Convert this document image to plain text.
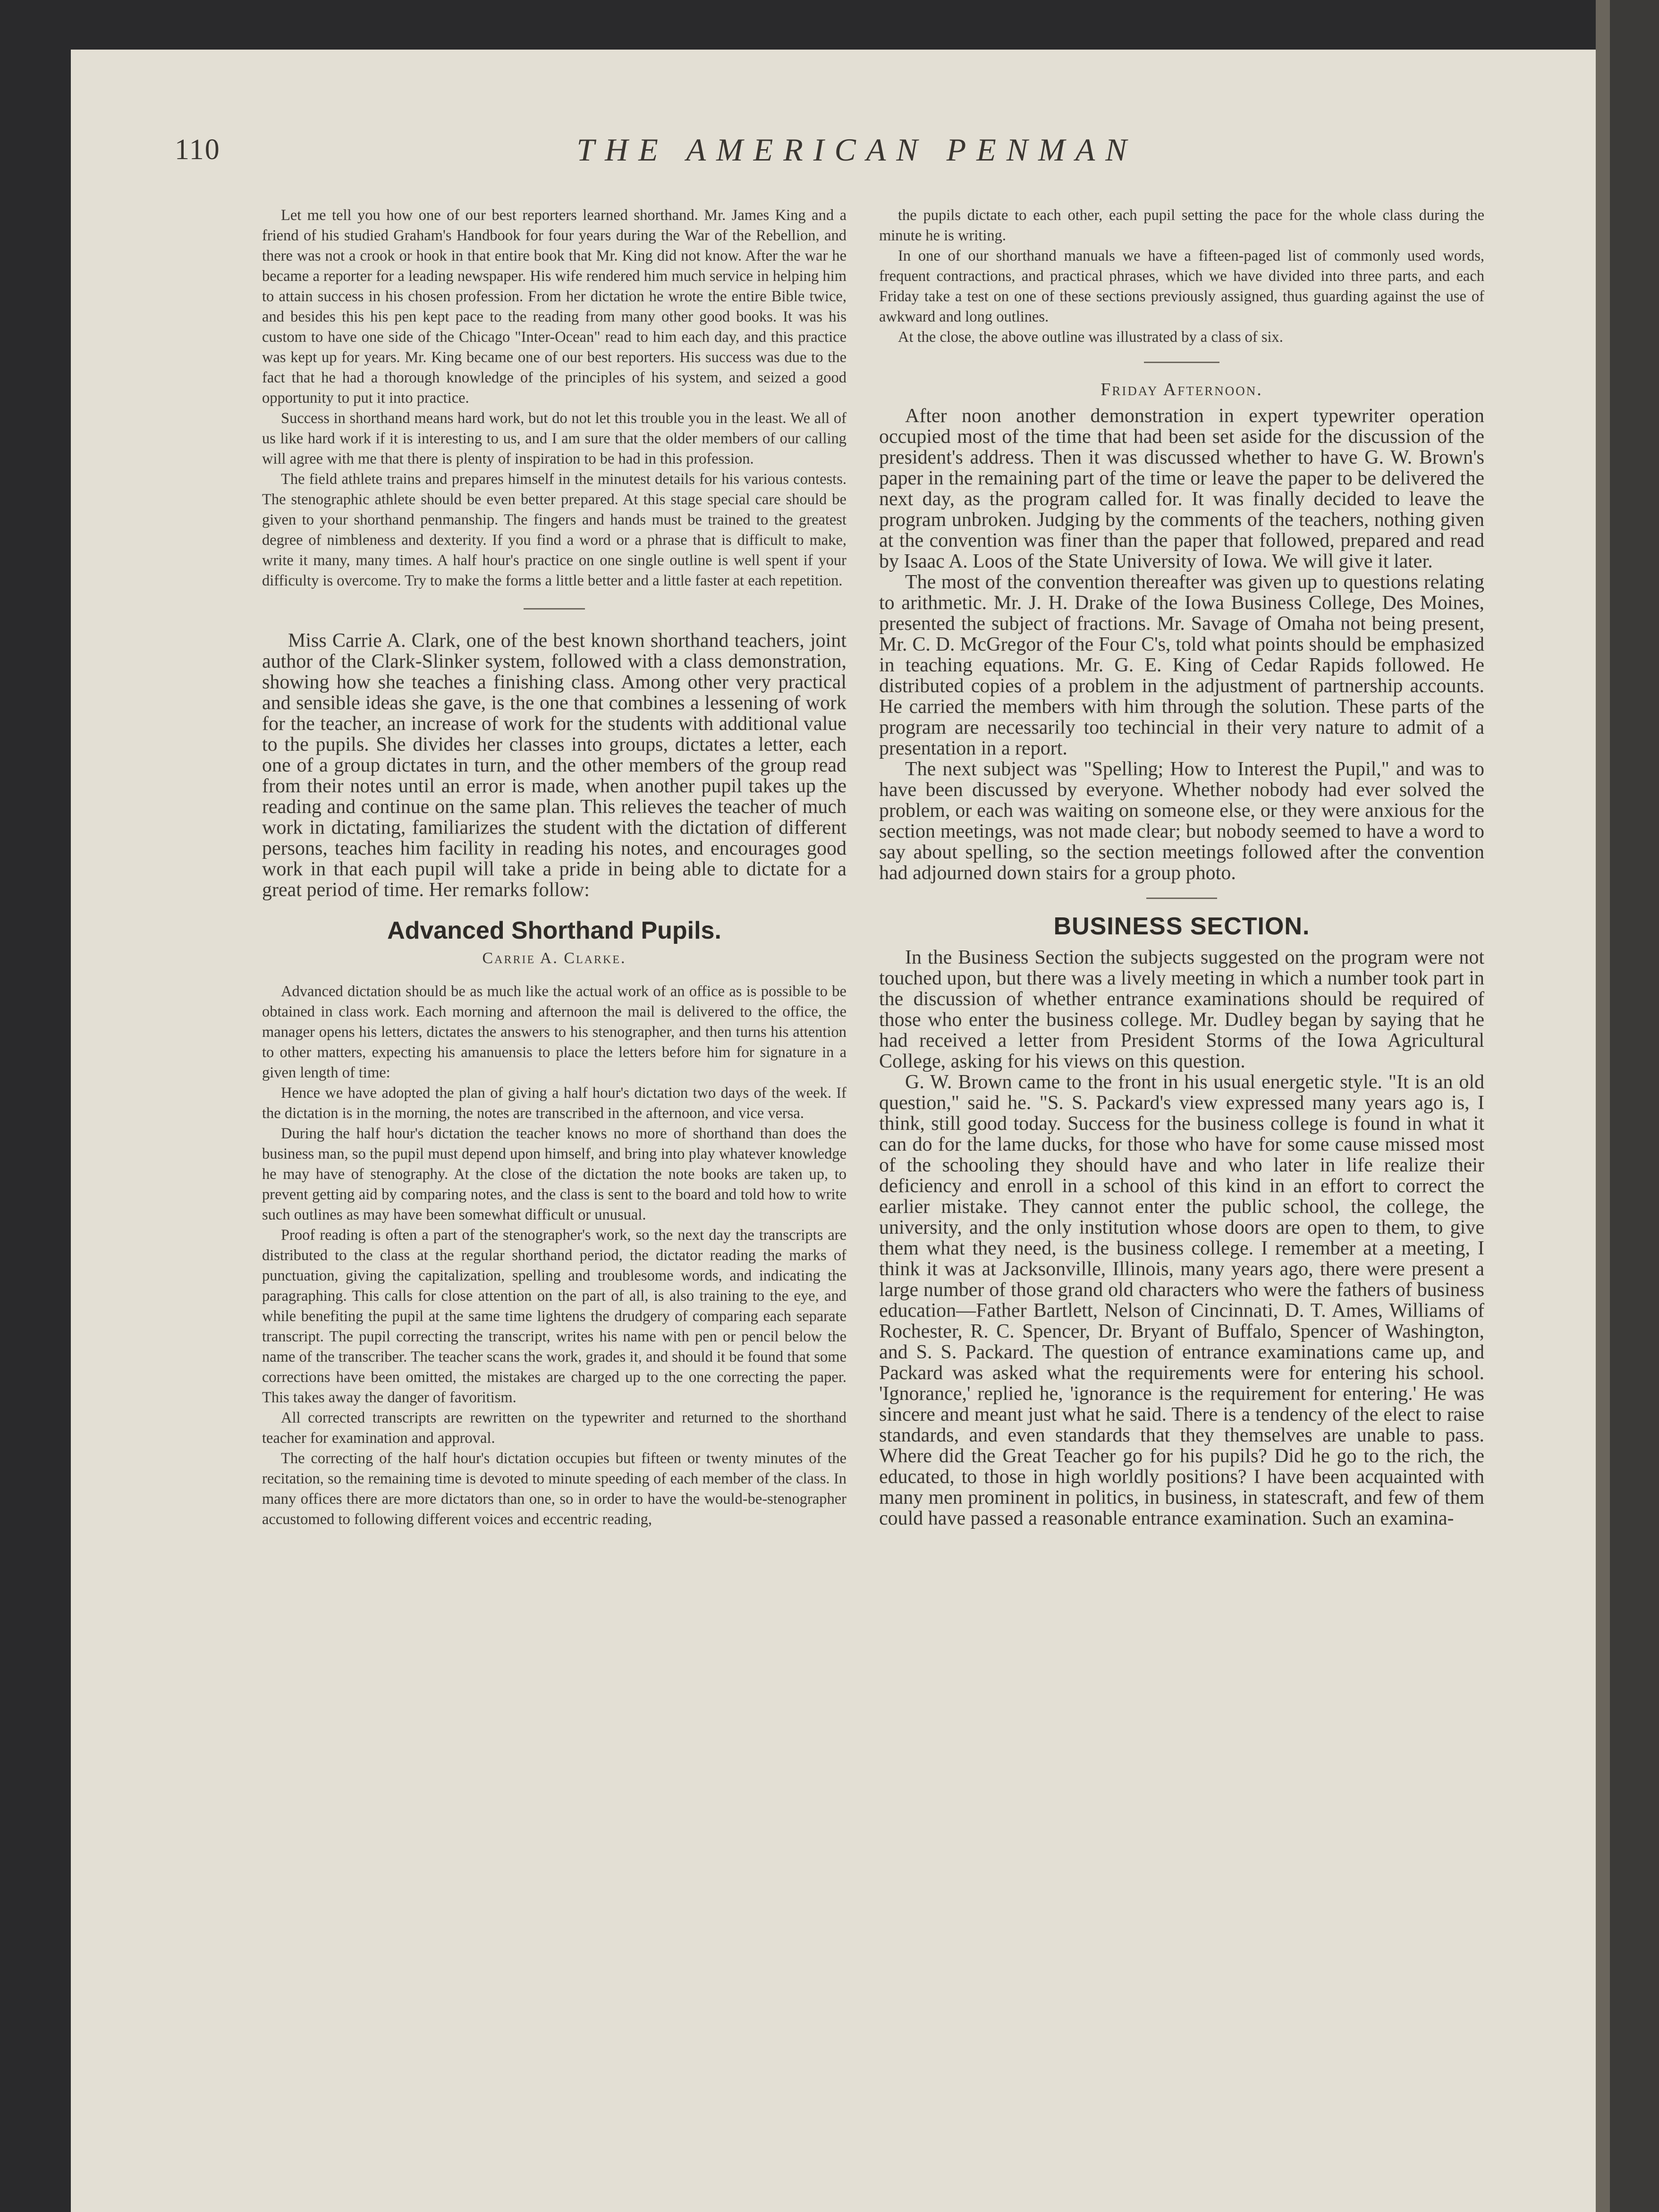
110	THE AMERICAN PENMAN

Let me tell you how one of our best reporters learned shorthand. Mr. James King and a friend of his studied Graham's Handbook for four years during the War of the Rebellion, and there was not a crook or hook in that entire book that Mr. King did not know. After the war he became a reporter for a leading newspaper. His wife rendered him much service in helping him to attain success in his chosen profession. From her dictation he wrote the entire Bible twice, and besides this his pen kept pace to the reading from many other good books. It was his custom to have one side of the Chicago "Inter-Ocean" read to him each day, and this practice was kept up for years. Mr. King became one of our best reporters. His success was due to the fact that he had a thorough knowledge of the principles of his system, and seized a good opportunity to put it into practice.

Success in shorthand means hard work, but do not let this trouble you in the least. We all of us like hard work if it is interesting to us, and I am sure that the older members of our calling will agree with me that there is plenty of inspiration to be had in this profession.

The field athlete trains and prepares himself in the minutest details for his various contests. The stenographic athlete should be even better prepared. At this stage special care should be given to your shorthand penmanship. The fingers and hands must be trained to the greatest degree of nimbleness and dexterity. If you find a word or a phrase that is difficult to make, write it many, many times. A half hour's practice on one single outline is well spent if your difficulty is overcome. Try to make the forms a little better and a little faster at each repetition.

Miss Carrie A. Clark, one of the best known shorthand teachers, joint author of the Clark-Slinker system, followed with a class demonstration, showing how she teaches a finishing class. Among other very practical and sensible ideas she gave, is the one that combines a lessening of work for the teacher, an increase of work for the students with additional value to the pupils. She divides her classes into groups, dictates a letter, each one of a group dictates in turn, and the other members of the group read from their notes until an error is made, when another pupil takes up the reading and continue on the same plan. This relieves the teacher of much work in dictating, familiarizes the student with the dictation of different persons, teaches him facility in reading his notes, and encourages good work in that each pupil will take a pride in being able to dictate for a great period of time. Her remarks follow:

Advanced Shorthand Pupils.

Carrie A. Clarke.

Advanced dictation should be as much like the actual work of an office as is possible to be obtained in class work. Each morning and afternoon the mail is delivered to the office, the manager opens his letters, dictates the answers to his stenographer, and then turns his attention to other matters, expecting his amanuensis to place the letters before him for signature in a given length of time:

Hence we have adopted the plan of giving a half hour's dictation two days of the week. If the dictation is in the morning, the notes are transcribed in the afternoon, and vice versa.

During the half hour's dictation the teacher knows no more of shorthand than does the business man, so the pupil must depend upon himself, and bring into play whatever knowledge he may have of stenography. At the close of the dictation the note books are taken up, to prevent getting aid by comparing notes, and the class is sent to the board and told how to write such outlines as may have been somewhat difficult or unusual.

Proof reading is often a part of the stenographer's work, so the next day the transcripts are distributed to the class at the regular shorthand period, the dictator reading the marks of punctuation, giving the capitalization, spelling and troublesome words, and indicating the paragraphing. This calls for close attention on the part of all, is also training to the eye, and while benefiting the pupil at the same time lightens the drudgery of comparing each separate transcript. The pupil correcting the transcript, writes his name with pen or pencil below the name of the transcriber. The teacher scans the work, grades it, and should it be found that some corrections have been omitted, the mistakes are charged up to the one correcting the paper. This takes away the danger of favoritism.

All corrected transcripts are rewritten on the typewriter and returned to the shorthand teacher for examination and approval.

The correcting of the half hour's dictation occupies but fifteen or twenty minutes of the recitation, so the remaining time is devoted to minute speeding of each member of the class. In many offices there are more dictators than one, so in order to have the would-be-stenographer accustomed to following different voices and eccentric reading,

the pupils dictate to each other, each pupil setting the pace for the whole class during the minute he is writing.

In one of our shorthand manuals we have a fifteen-paged list of commonly used words, frequent contractions, and practical phrases, which we have divided into three parts, and each Friday take a test on one of these sections previously assigned, thus guarding against the use of awkward and long outlines.

At the close, the above outline was illustrated by a class of six.

Friday Afternoon.

After noon another demonstration in expert typewriter operation occupied most of the time that had been set aside for the discussion of the president's address. Then it was discussed whether to have G. W. Brown's paper in the remaining part of the time or leave the paper to be delivered the next day, as the program called for. It was finally decided to leave the program unbroken. Judging by the comments of the teachers, nothing given at the convention was finer than the paper that followed, prepared and read by Isaac A. Loos of the State University of Iowa. We will give it later.

The most of the convention thereafter was given up to questions relating to arithmetic. Mr. J. H. Drake of the Iowa Business College, Des Moines, presented the subject of fractions. Mr. Savage of Omaha not being present, Mr. C. D. McGregor of the Four C's, told what points should be emphasized in teaching equations. Mr. G. E. King of Cedar Rapids followed. He distributed copies of a problem in the adjustment of partnership accounts. He carried the members with him through the solution. These parts of the program are necessarily too techincial in their very nature to admit of a presentation in a report.

The next subject was "Spelling; How to Interest the Pupil," and was to have been discussed by everyone. Whether nobody had ever solved the problem, or each was waiting on someone else, or they were anxious for the section meetings, was not made clear; but nobody seemed to have a word to say about spelling, so the section meetings followed after the convention had adjourned down stairs for a group photo.

BUSINESS SECTION.

In the Business Section the subjects suggested on the program were not touched upon, but there was a lively meeting in which a number took part in the discussion of whether entrance examinations should be required of those who enter the business college. Mr. Dudley began by saying that he had received a letter from President Storms of the Iowa Agricultural College, asking for his views on this question.

G. W. Brown came to the front in his usual energetic style. "It is an old question," said he. "S. S. Packard's view expressed many years ago is, I think, still good today. Success for the business college is found in what it can do for the lame ducks, for those who have for some cause missed most of the schooling they should have and who later in life realize their deficiency and enroll in a school of this kind in an effort to correct the earlier mistake. They cannot enter the public school, the college, the university, and the only institution whose doors are open to them, to give them what they need, is the business college. I remember at a meeting, I think it was at Jacksonville, Illinois, many years ago, there were present a large number of those grand old characters who were the fathers of business education—Father Bartlett, Nelson of Cincinnati, D. T. Ames, Williams of Rochester, R. C. Spencer, Dr. Bryant of Buffalo, Spencer of Washington, and S. S. Packard. The question of entrance examinations came up, and Packard was asked what the requirements were for entering his school. 'Ignorance,' replied he, 'ignorance is the requirement for entering.' He was sincere and meant just what he said. There is a tendency of the elect to raise standards, and even standards that they themselves are unable to pass. Where did the Great Teacher go for his pupils? Did he go to the rich, the educated, to those in high worldly positions? I have been acquainted with many men prominent in politics, in business, in statescraft, and few of them could have passed a reasonable entrance examination. Such an examina-
